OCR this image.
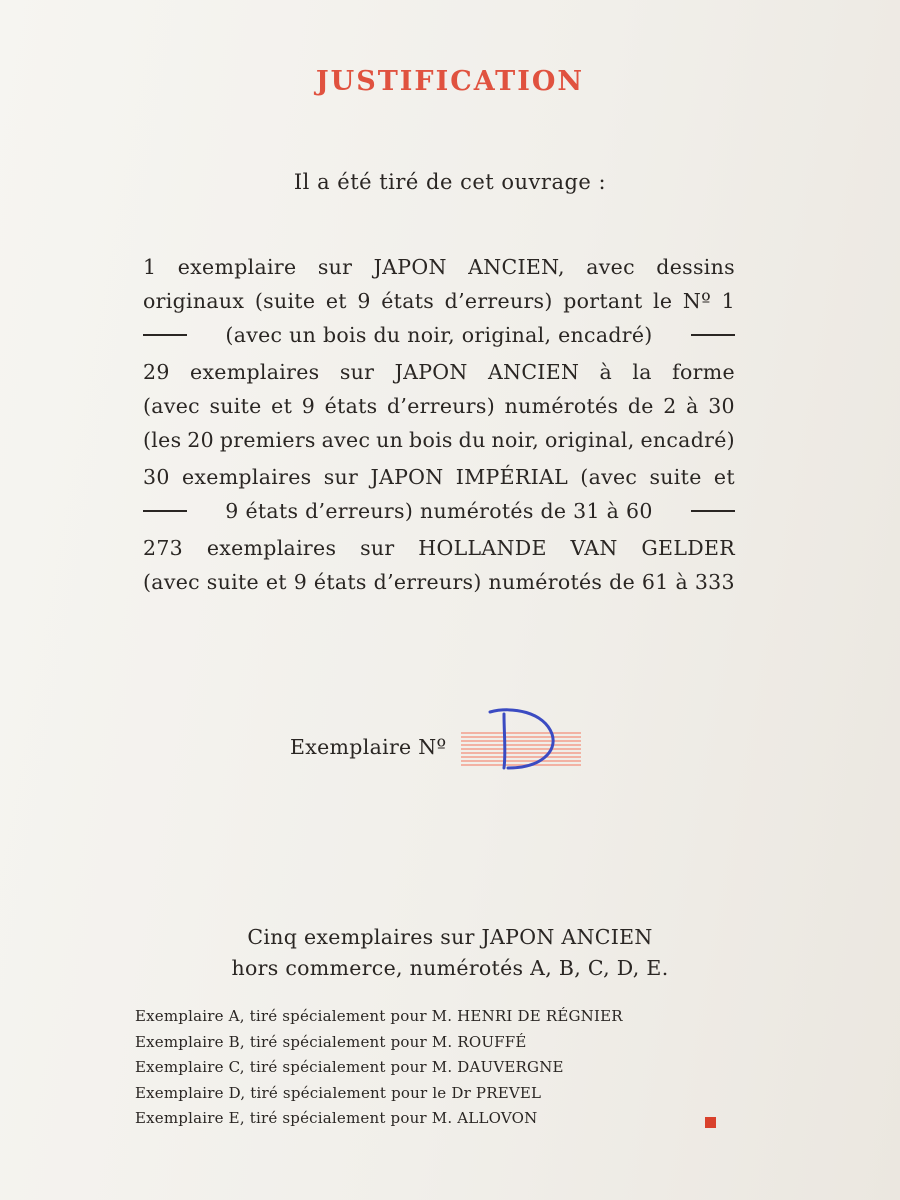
JUSTIFICATION
Il a été tiré de cet ouvrage :
1 exemplaire sur JAPON ANCIEN, avec dessins
originaux (suite et 9 états d’erreurs) portant le Nº 1
(avec un bois du noir, original, encadré)
29 exemplaires sur JAPON ANCIEN à la forme
(avec suite et 9 états d’erreurs) numérotés de 2 à 30
(les 20 premiers avec un bois du noir, original, encadré)
30 exemplaires sur JAPON IMPÉRIAL (avec suite et
9 états d’erreurs) numérotés de 31 à 60
273 exemplaires sur HOLLANDE VAN GELDER
(avec suite et 9 états d’erreurs) numérotés de 61 à 333
Exemplaire Nº
Cinq exemplaires sur JAPON ANCIEN
hors commerce, numérotés A, B, C, D, E.
Exemplaire A, tiré spécialement pour M. HENRI DE RÉGNIER
Exemplaire B, tiré spécialement pour M. ROUFFÉ
Exemplaire C, tiré spécialement pour M. DAUVERGNE
Exemplaire D, tiré spécialement pour le Dr PREVEL
Exemplaire E, tiré spécialement pour M. ALLOVON
